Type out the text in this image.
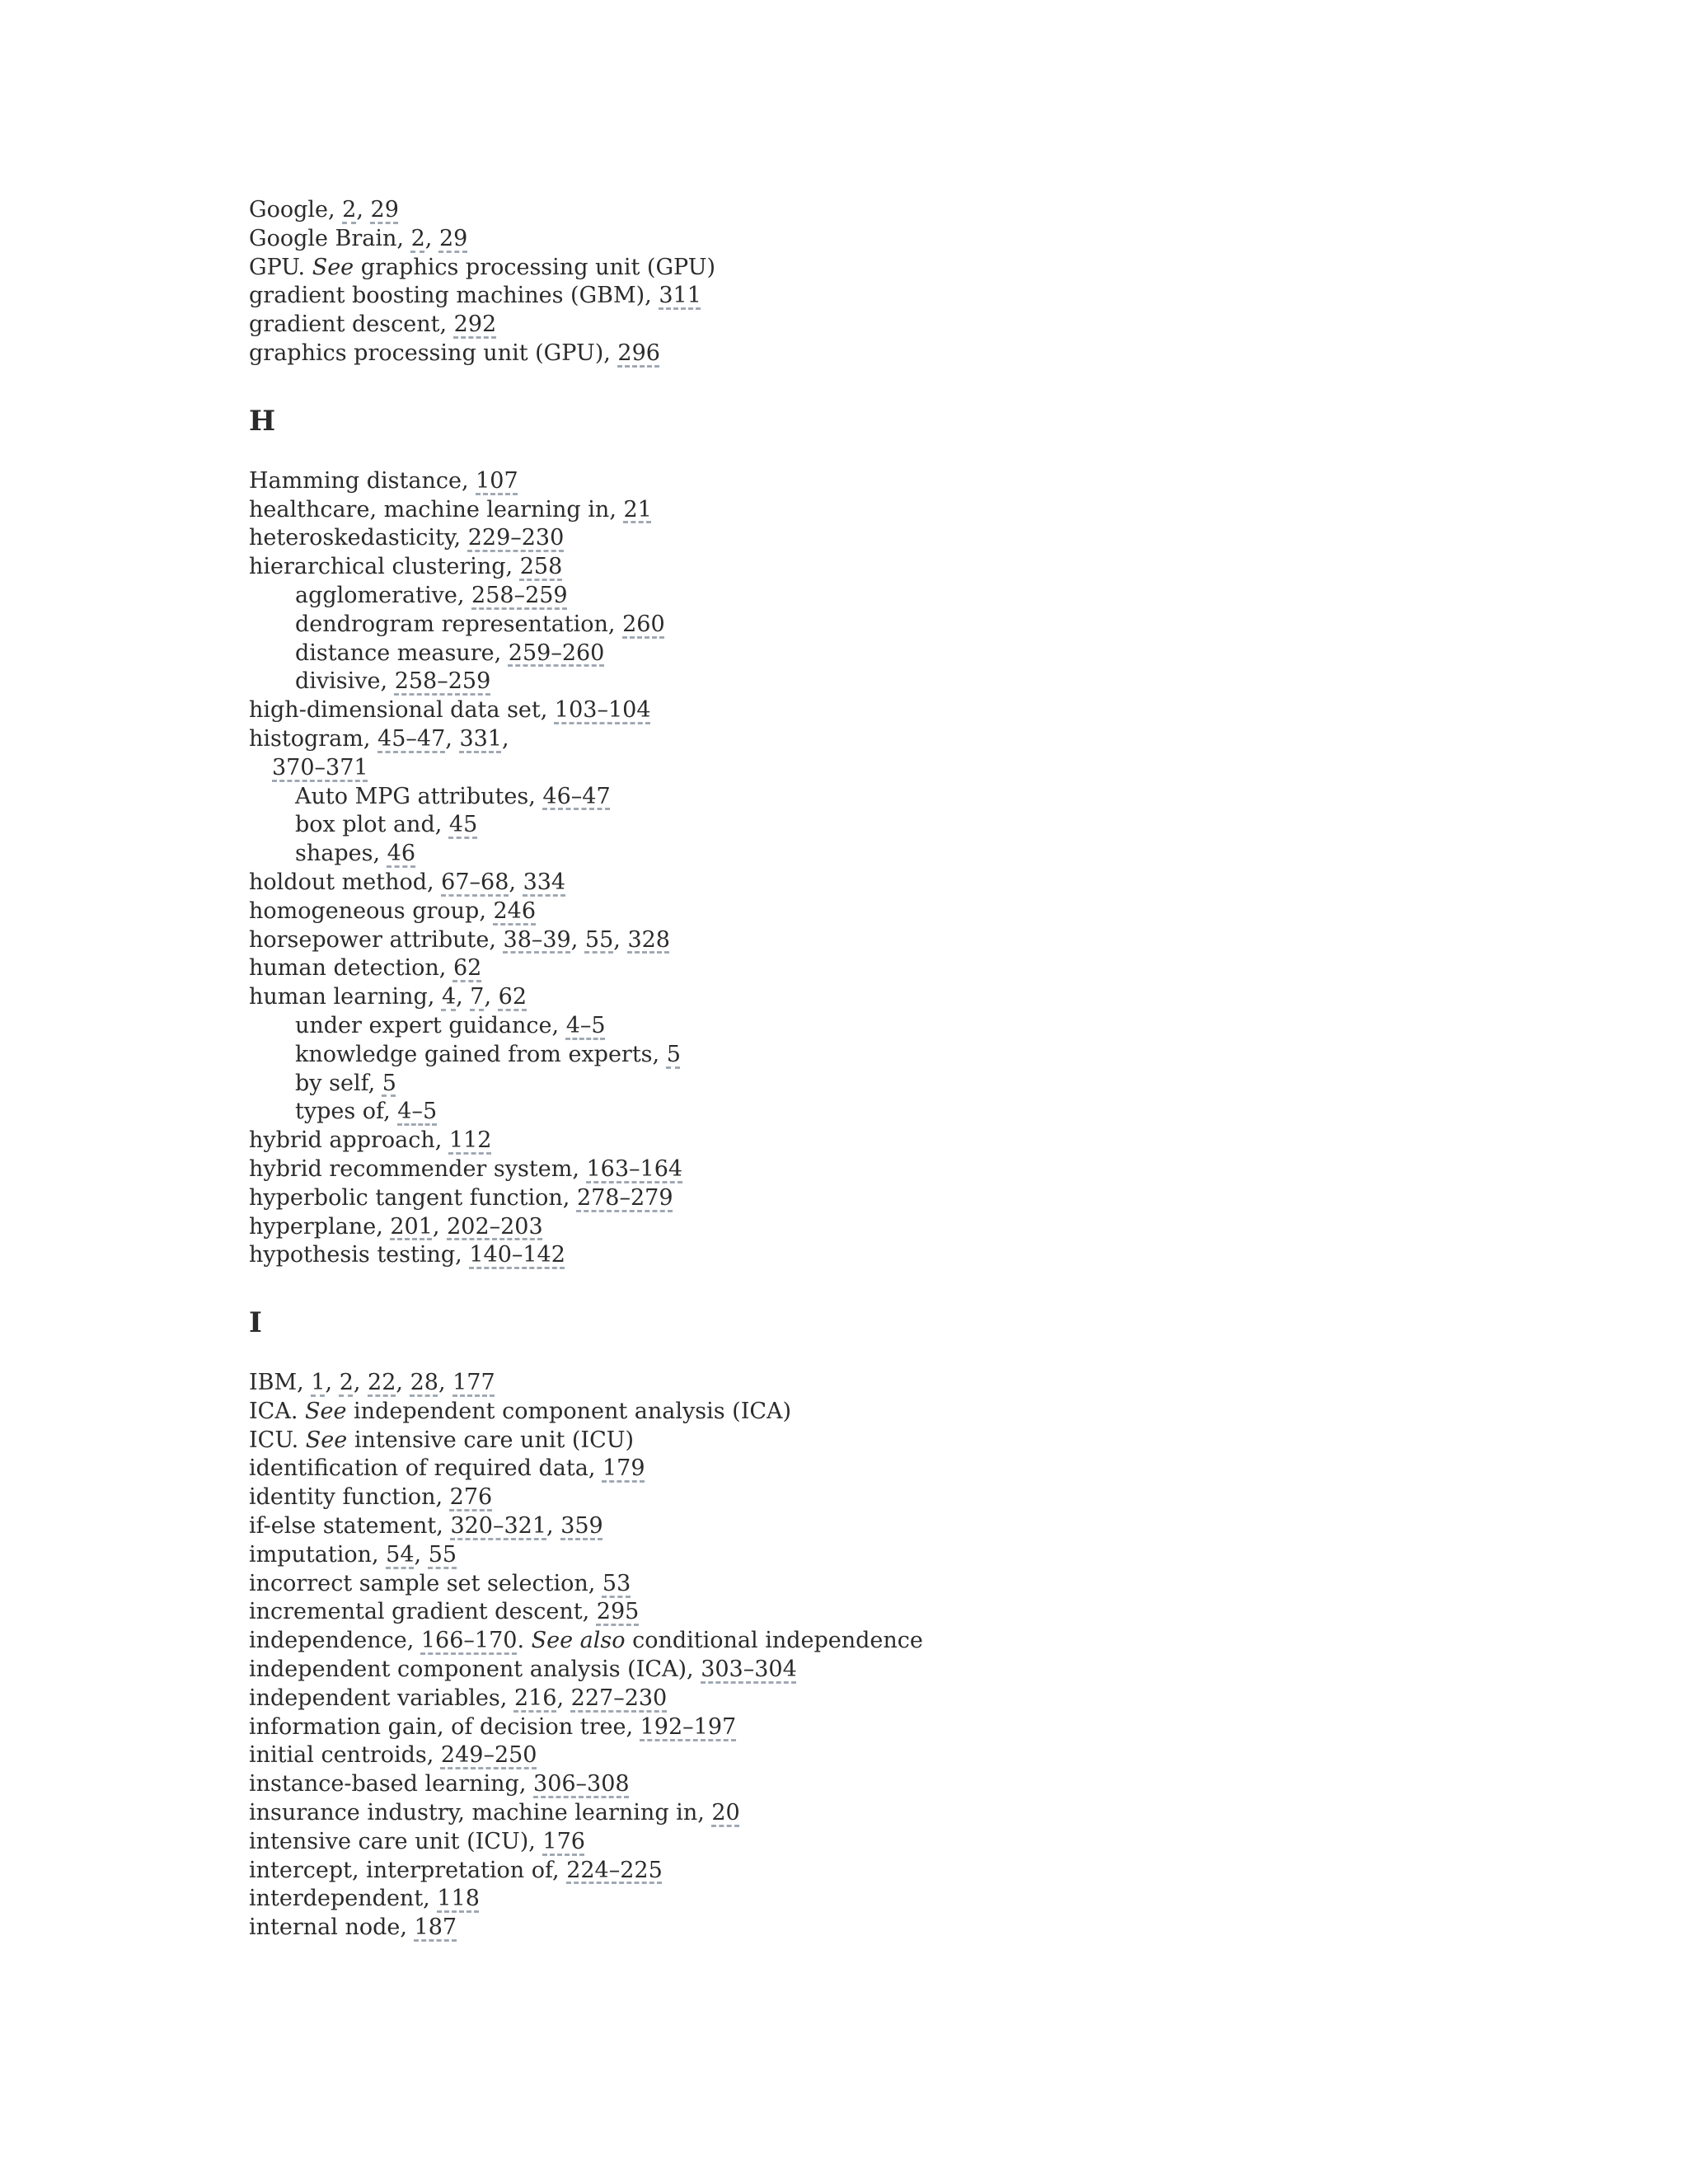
Google, 2, 29
Google Brain, 2, 29
GPU. See graphics processing unit (GPU)
gradient boosting machines (GBM), 311
gradient descent, 292
graphics processing unit (GPU), 296
H
Hamming distance, 107
healthcare, machine learning in, 21
heteroskedasticity, 229–230
hierarchical clustering, 258
agglomerative, 258–259
dendrogram representation, 260
distance measure, 259–260
divisive, 258–259
high-dimensional data set, 103–104
histogram, 45–47, 331,
370–371
Auto MPG attributes, 46–47
box plot and, 45
shapes, 46
holdout method, 67–68, 334
homogeneous group, 246
horsepower attribute, 38–39, 55, 328
human detection, 62
human learning, 4, 7, 62
under expert guidance, 4–5
knowledge gained from experts, 5
by self, 5
types of, 4–5
hybrid approach, 112
hybrid recommender system, 163–164
hyperbolic tangent function, 278–279
hyperplane, 201, 202–203
hypothesis testing, 140–142
I
IBM, 1, 2, 22, 28, 177
ICA. See independent component analysis (ICA)
ICU. See intensive care unit (ICU)
identification of required data, 179
identity function, 276
if-else statement, 320–321, 359
imputation, 54, 55
incorrect sample set selection, 53
incremental gradient descent, 295
independence, 166–170. See also conditional independence
independent component analysis (ICA), 303–304
independent variables, 216, 227–230
information gain, of decision tree, 192–197
initial centroids, 249–250
instance-based learning, 306–308
insurance industry, machine learning in, 20
intensive care unit (ICU), 176
intercept, interpretation of, 224–225
interdependent, 118
internal node, 187
